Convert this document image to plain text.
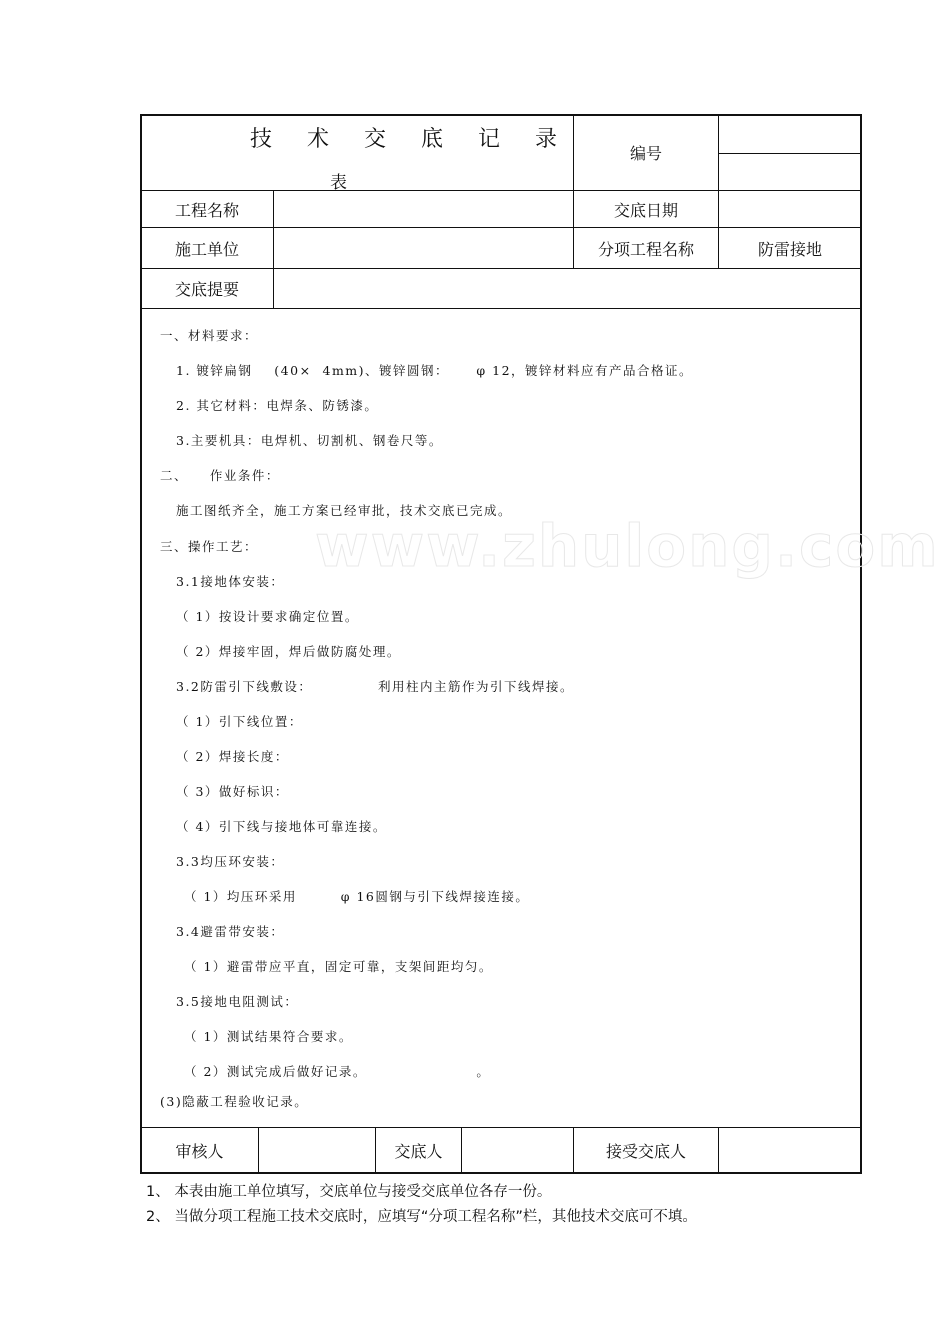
技 术 交 底 记 录
表
编号
工程名称	交底日期
施工单位	分项工程名称	防雷接地
交底提要
www.zhulong.com
一、材料要求：
1. 镀锌扁钢    (40×  4mm)、镀锌圆钢：     φ 12，镀锌材料应有产品合格证。
2. 其它材料：电焊条、防锈漆。
3.主要机具：电焊机、切割机、钢卷尺等。
二、    作业条件：
施工图纸齐全，施工方案已经审批，技术交底已完成。
三、操作工艺：
3.1接地体安装：
（ 1）按设计要求确定位置。
（ 2）焊接牢固，焊后做防腐处理。
3.2防雷引下线敷设：            利用柱内主筋作为引下线焊接。
（ 1）引下线位置：
（ 2）焊接长度：
（ 3）做好标识：
（ 4）引下线与接地体可靠连接。
3.3均压环安装：
（ 1）均压环采用        φ 16圆钢与引下线焊接连接。
3.4避雷带安装：
（ 1）避雷带应平直，固定可靠，支架间距均匀。
3.5接地电阻测试：
（ 1）测试结果符合要求。
（ 2）测试完成后做好记录。                    。
(3)隐蔽工程验收记录。
审核人	交底人	接受交底人
1、 本表由施工单位填写，交底单位与接受交底单位各存一份。
2、 当做分项工程施工技术交底时，应填写“分项工程名称”栏，其他技术交底可不填。
